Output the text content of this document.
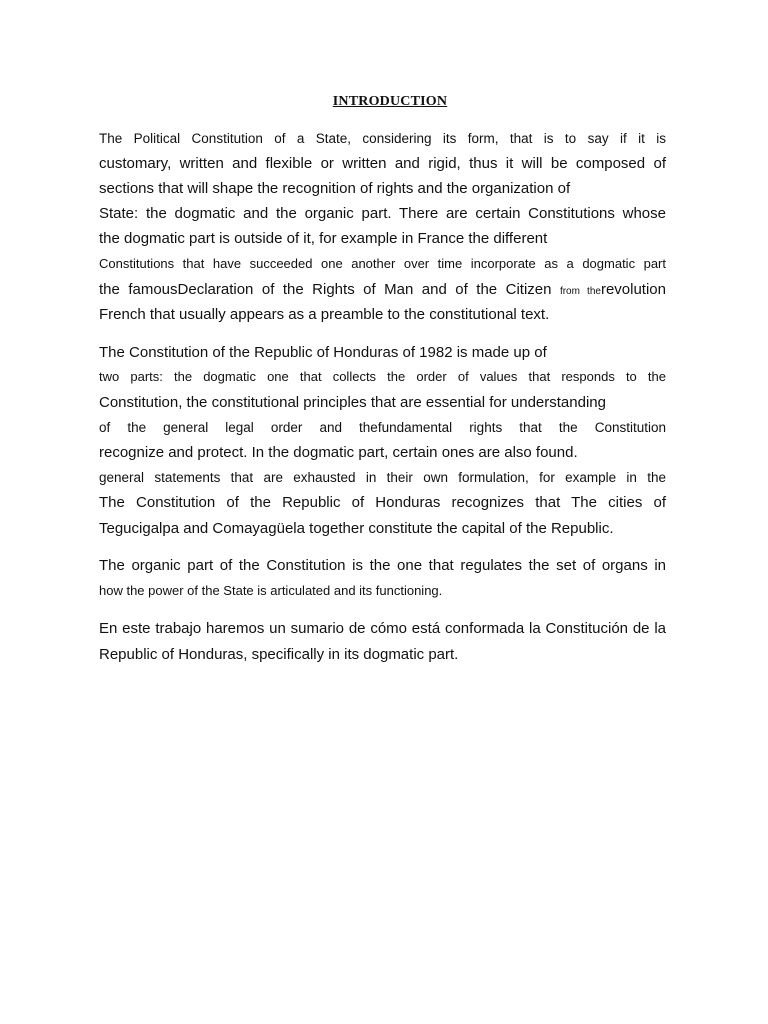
INTRODUCTION
The Political Constitution of a State, considering its form, that is to say if it is
customary, written and flexible or written and rigid, thus it will be composed of
sections that will shape the recognition of rights and the organization of
State: the dogmatic and the organic part. There are certain Constitutions whose
the dogmatic part is outside of it, for example in France the different
Constitutions that have succeeded one another over time incorporate as a dogmatic part
the famousDeclaration of the Rights of Man and of the Citizen from therevolution
French that usually appears as a preamble to the constitutional text.
The Constitution of the Republic of Honduras of 1982 is made up of
two parts: the dogmatic one that collects the order of values that responds to the
Constitution, the constitutional principles that are essential for understanding
of the general legal order and thefundamental rights that the Constitution
recognize and protect. In the dogmatic part, certain ones are also found.
general statements that are exhausted in their own formulation, for example in the
The Constitution of the Republic of Honduras recognizes that The cities of
Tegucigalpa and Comayagüela together constitute the capital of the Republic.
The organic part of the Constitution is the one that regulates the set of organs in
how the power of the State is articulated and its functioning.
En este trabajo haremos un sumario de cómo está conformada la Constitución de la
Republic of Honduras, specifically in its dogmatic part.
